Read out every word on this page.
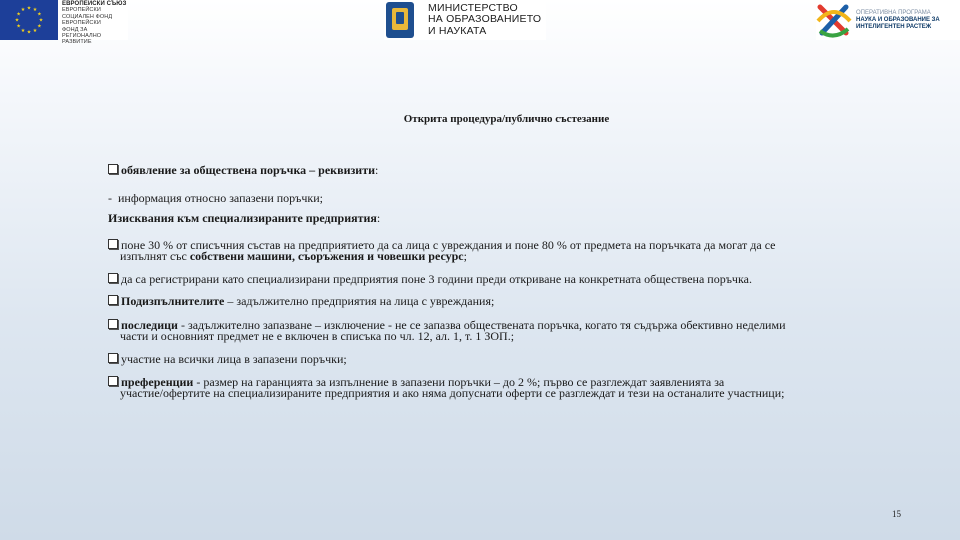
★ ★
★
★
★
★
★
★
★
★
★
★
ЕВРОПЕЙСКИ СЪЮЗ
ЕВРОПЕЙСКИ
СОЦИАЛЕН ФОНД
ЕВРОПЕЙСКИ
ФОНД ЗА РЕГИОНАЛНО
РАЗВИТИЕ
МИНИСТЕРСТВО
НА ОБРАЗОВАНИЕТО
И НАУКАТА
ОПЕРАТИВНА ПРОГРАМА
НАУКА И ОБРАЗОВАНИЕ ЗА
ИНТЕЛИГЕНТЕН РАСТЕЖ
Открита процедура/публично състезание
обявление за обществена поръчка – реквизити:
- информация относно запазени поръчки;
Изисквания към специализираните предприятия:
поне 30 % от списъчния състав на предприятието да са лица с увреждания и поне 80 % от предмета на поръчката да могат да се
изпълнят със собствени машини, съоръжения и човешки ресурс;
да са регистрирани като специализирани предприятия поне 3 години преди откриване на конкретната обществена поръчка.
Подизпълнителите – задължително предприятия на лица с увреждания;
последици - задължително запазване – изключение - не се запазва обществената поръчка, когато тя съдържа обективно неделими
части и основният предмет не е включен в списъка по чл. 12, ал. 1, т. 1 ЗОП.;
участие на всички лица в запазени поръчки;
преференции - размер на гаранцията за изпълнение в запазени поръчки – до 2 %; първо се разглеждат заявленията за
участие/офертите на специализираните предприятия и ако няма допуснати оферти се разглеждат и тези на останалите участници;
15
